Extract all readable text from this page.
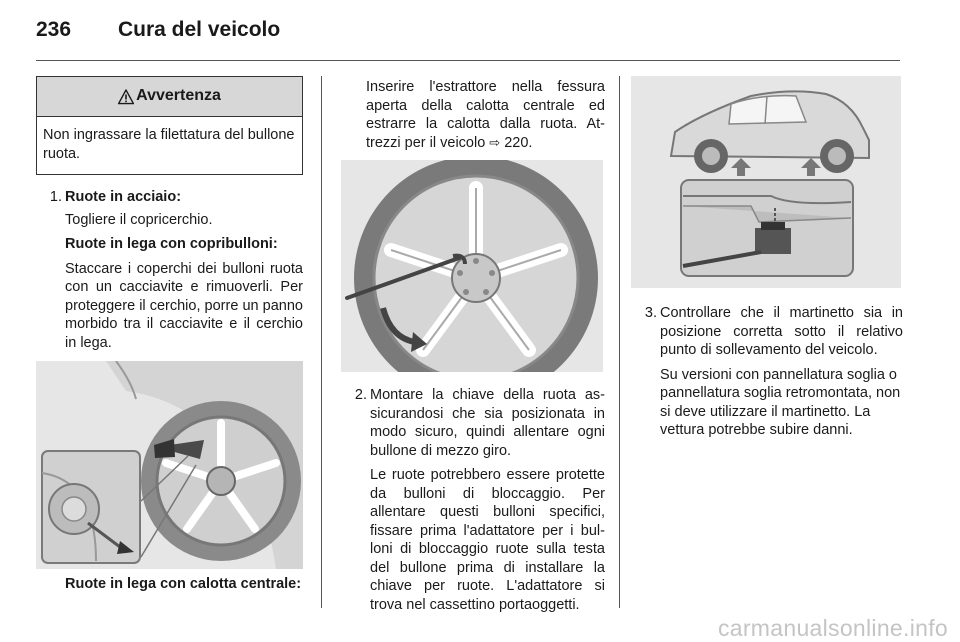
236 Cura del veicolo
Avvertenza
Non ingrassare la filettatura del bullone ruota.
1. Ruote in acciaio:

Togliere il copricerchio.

Ruote in lega con copribulloni:

Staccare i coperchi dei bulloni ruota con un cacciavite e rimuoverli. Per proteggere il cerchio, porre un panno morbido tra il cacciavite e il cerchio in lega.

Ruote in lega con calotta centrale:

Inserire l'estrattore nella fessura aperta della calotta centrale ed estrarre la calotta dalla ruota. Attrezzi per il veicolo ⇨ 220.

2. Montare la chiave della ruota assicurandosi che sia posizionata in modo sicuro, quindi allentare ogni bullone di mezzo giro.

Le ruote potrebbero essere protette da bulloni di bloccaggio. Per allentare questi bulloni specifici, fissare prima l'adattatore per i bulloni di bloccaggio ruote sulla testa del bullone prima di installare la chiave per ruote. L'adattatore si trova nel cassettino portaoggetti.

3. Controllare che il martinetto sia in posizione corretta sotto il relativo punto di sollevamento del veicolo.

Su versioni con pannellatura soglia o pannellatura soglia retromontata, non si deve utilizzare il martinetto. La vettura potrebbe subire danni.

carmanualsonline.info
